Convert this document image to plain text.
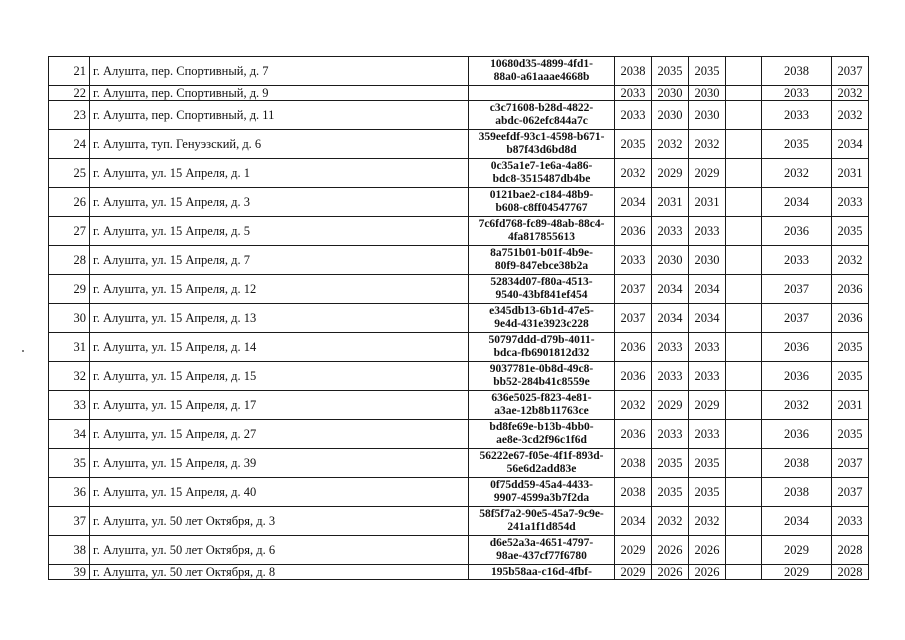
21	г. Алушта, пер. Спортивный, д. 7	10680d35-4899-4fd1-
88a0-a61aaae4668b	2038	2035	2035		2038	2037
22	г. Алушта, пер. Спортивный, д. 9		2033	2030	2030		2033	2032
23	г. Алушта, пер. Спортивный, д. 11	c3c71608-b28d-4822-
abdc-062efc844a7c	2033	2030	2030		2033	2032
24	г. Алушта, туп. Генуэзский, д. 6	359eefdf-93c1-4598-b671-
b87f43d6bd8d	2035	2032	2032		2035	2034
25	г. Алушта, ул. 15 Апреля, д. 1	0c35a1e7-1e6a-4a86-
bdc8-3515487db4be	2032	2029	2029		2032	2031
26	г. Алушта, ул. 15 Апреля, д. 3	0121bae2-c184-48b9-
b608-c8ff04547767	2034	2031	2031		2034	2033
27	г. Алушта, ул. 15 Апреля, д. 5	7c6fd768-fc89-48ab-88c4-
4fa817855613	2036	2033	2033		2036	2035
28	г. Алушта, ул. 15 Апреля, д. 7	8a751b01-b01f-4b9e-
80f9-847ebce38b2a	2033	2030	2030		2033	2032
29	г. Алушта, ул. 15 Апреля, д. 12	52834d07-f80a-4513-
9540-43bf841ef454	2037	2034	2034		2037	2036
30	г. Алушта, ул. 15 Апреля, д. 13	e345db13-6b1d-47e5-
9e4d-431e3923c228	2037	2034	2034		2037	2036
31	г. Алушта, ул. 15 Апреля, д. 14	50797ddd-d79b-4011-
bdca-fb6901812d32	2036	2033	2033		2036	2035
32	г. Алушта, ул. 15 Апреля, д. 15	9037781e-0b8d-49c8-
bb52-284b41c8559e	2036	2033	2033		2036	2035
33	г. Алушта, ул. 15 Апреля, д. 17	636e5025-f823-4e81-
a3ae-12b8b11763ce	2032	2029	2029		2032	2031
34	г. Алушта, ул. 15 Апреля, д. 27	bd8fe69e-b13b-4bb0-
ae8e-3cd2f96c1f6d	2036	2033	2033		2036	2035
35	г. Алушта, ул. 15 Апреля, д. 39	56222e67-f05e-4f1f-893d-
56e6d2add83e	2038	2035	2035		2038	2037
36	г. Алушта, ул. 15 Апреля, д. 40	0f75dd59-45a4-4433-
9907-4599a3b7f2da	2038	2035	2035		2038	2037
37	г. Алушта, ул. 50 лет Октября, д. 3	58f5f7a2-90e5-45a7-9c9e-
241a1f1d854d	2034	2032	2032		2034	2033
38	г. Алушта, ул. 50 лет Октября, д. 6	d6e52a3a-4651-4797-
98ae-437cf77f6780	2029	2026	2026		2029	2028
39	г. Алушта, ул. 50 лет Октября, д. 8	195b58aa-c16d-4fbf-	2029	2026	2026		2029	2028
